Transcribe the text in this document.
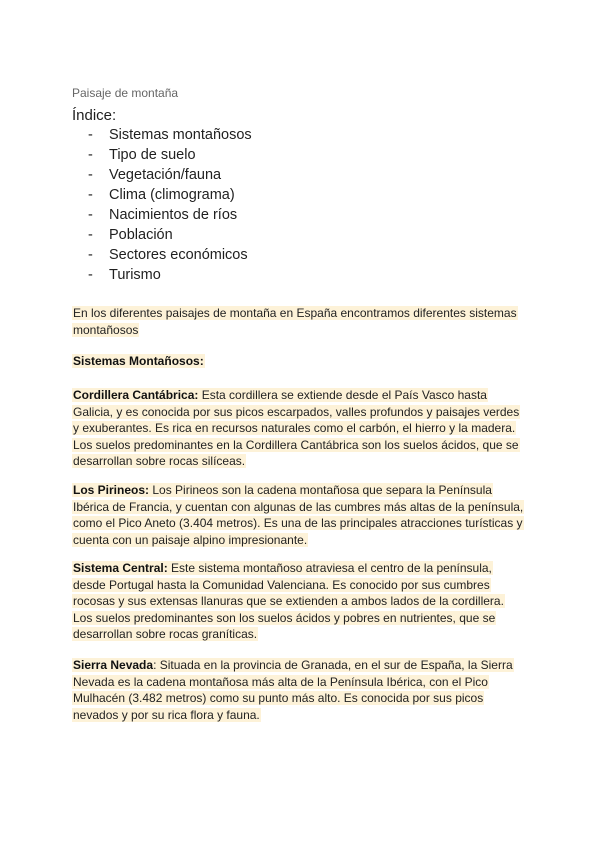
Paisaje de montaña
Índice:
- Sistemas montañosos
- Tipo de suelo
- Vegetación/fauna
- Clima (climograma)
- Nacimientos de ríos
- Población
- Sectores económicos
- Turismo
En los diferentes paisajes de montaña en España encontramos diferentes sistemas
montañosos
Sistemas Montañosos:
Cordillera Cantábrica: Esta cordillera se extiende desde el País Vasco hasta
Galicia, y es conocida por sus picos escarpados, valles profundos y paisajes verdes
y exuberantes. Es rica en recursos naturales como el carbón, el hierro y la madera.
Los suelos predominantes en la Cordillera Cantábrica son los suelos ácidos, que se
desarrollan sobre rocas silíceas.
Los Pirineos: Los Pirineos son la cadena montañosa que separa la Península
Ibérica de Francia, y cuentan con algunas de las cumbres más altas de la península,
como el Pico Aneto (3.404 metros). Es una de las principales atracciones turísticas y
cuenta con un paisaje alpino impresionante.
Sistema Central: Este sistema montañoso atraviesa el centro de la península,
desde Portugal hasta la Comunidad Valenciana. Es conocido por sus cumbres
rocosas y sus extensas llanuras que se extienden a ambos lados de la cordillera.
Los suelos predominantes son los suelos ácidos y pobres en nutrientes, que se
desarrollan sobre rocas graníticas.
Sierra Nevada: Situada en la provincia de Granada, en el sur de España, la Sierra
Nevada es la cadena montañosa más alta de la Península Ibérica, con el Pico
Mulhacén (3.482 metros) como su punto más alto. Es conocida por sus picos
nevados y por su rica flora y fauna.
